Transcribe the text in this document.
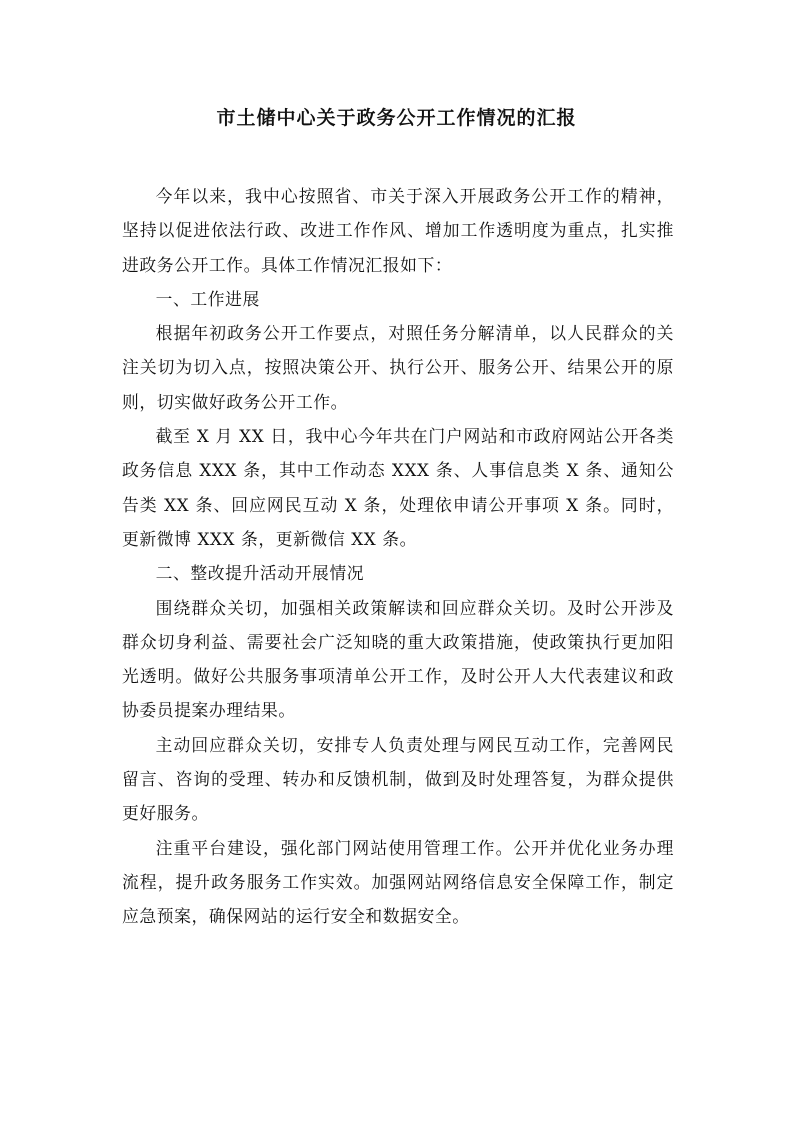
市土储中心关于政务公开工作情况的汇报

今年以来，我中心按照省、市关于深入开展政务公开工作的精神，坚持以促进依法行政、改进工作作风、增加工作透明度为重点，扎实推进政务公开工作。具体工作情况汇报如下：

一、工作进展

根据年初政务公开工作要点，对照任务分解清单，以人民群众的关注关切为切入点，按照决策公开、执行公开、服务公开、结果公开的原则，切实做好政务公开工作。

截至 X 月 XX 日，我中心今年共在门户网站和市政府网站公开各类政务信息 XXX 条，其中工作动态 XXX 条、人事信息类 X 条、通知公告类 XX 条、回应网民互动 X 条，处理依申请公开事项 X 条。同时，更新微博 XXX 条，更新微信 XX 条。

二、整改提升活动开展情况

围绕群众关切，加强相关政策解读和回应群众关切。及时公开涉及群众切身利益、需要社会广泛知晓的重大政策措施，使政策执行更加阳光透明。做好公共服务事项清单公开工作，及时公开人大代表建议和政协委员提案办理结果。

主动回应群众关切，安排专人负责处理与网民互动工作，完善网民留言、咨询的受理、转办和反馈机制，做到及时处理答复，为群众提供更好服务。

注重平台建设，强化部门网站使用管理工作。公开并优化业务办理流程，提升政务服务工作实效。加强网站网络信息安全保障工作，制定应急预案，确保网站的运行安全和数据安全。
